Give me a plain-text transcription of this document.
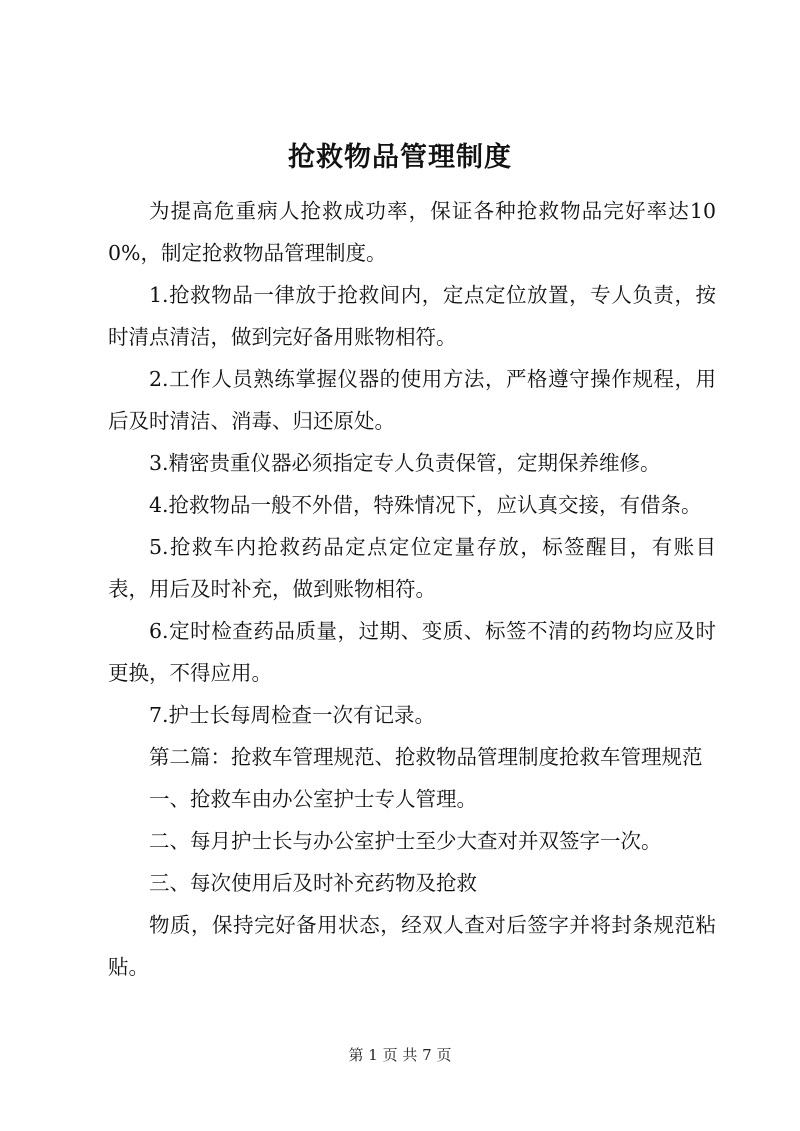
抢救物品管理制度

为提高危重病人抢救成功率，保证各种抢救物品完好率达100%，制定抢救物品管理制度。

1.抢救物品一律放于抢救间内，定点定位放置，专人负责，按时清点清洁，做到完好备用账物相符。

2.工作人员熟练掌握仪器的使用方法，严格遵守操作规程，用后及时清洁、消毒、归还原处。

3.精密贵重仪器必须指定专人负责保管，定期保养维修。

4.抢救物品一般不外借，特殊情况下，应认真交接，有借条。

5.抢救车内抢救药品定点定位定量存放，标签醒目，有账目表，用后及时补充，做到账物相符。

6.定时检查药品质量，过期、变质、标签不清的药物均应及时更换，不得应用。

7.护士长每周检查一次有记录。

第二篇：抢救车管理规范、抢救物品管理制度抢救车管理规范

一、抢救车由办公室护士专人管理。

二、每月护士长与办公室护士至少大查对并双签字一次。

三、每次使用后及时补充药物及抢救

物质，保持完好备用状态，经双人查对后签字并将封条规范粘贴。

第 1 页 共 7 页
